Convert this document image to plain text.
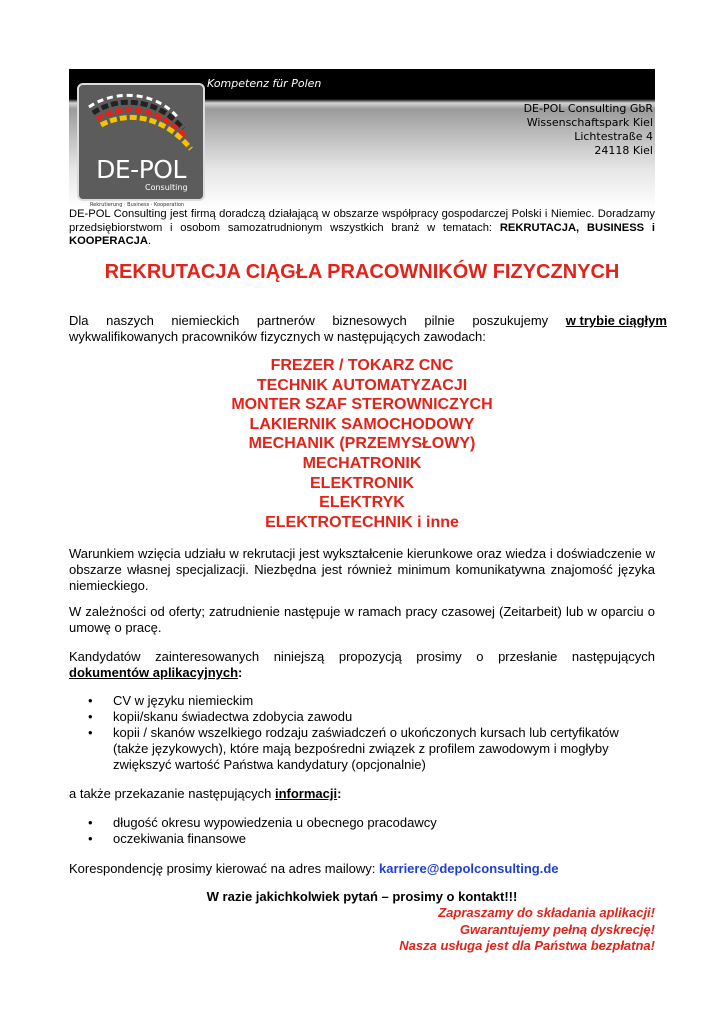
Kompetenz für Polen
DE-POL
Consulting
Rekrutierung · Business · Kooperation
DE-POL Consulting GbR
Wissenschaftspark Kiel
Lichtestraße 4
24118 Kiel
DE-POL Consulting jest firmą doradczą działającą w obszarze współpracy gospodarczej Polski i Niemiec. Doradzamy przedsiębiorstwom i osobom samozatrudnionym wszystkich branż w tematach: REKRUTACJA, BUSINESS i KOOPERACJA.
REKRUTACJA CIĄGŁA PRACOWNIKÓW FIZYCZNYCH
Dla naszych niemieckich partnerów biznesowych pilnie poszukujemy w trybie ciągłym
wykwalifikowanych pracowników fizycznych w następujących zawodach:
FREZER / TOKARZ CNC
TECHNIK AUTOMATYZACJI
MONTER SZAF STEROWNICZYCH
LAKIERNIK SAMOCHODOWY
MECHANIK (PRZEMYSŁOWY)
MECHATRONIK
ELEKTRONIK
ELEKTRYK
ELEKTROTECHNIK i inne
Warunkiem wzięcia udziału w rekrutacji jest wykształcenie kierunkowe oraz wiedza i doświadczenie w obszarze własnej specjalizacji. Niezbędna jest również minimum komunikatywna znajomość języka niemieckiego.
W zależności od oferty; zatrudnienie następuje w ramach pracy czasowej (Zeitarbeit) lub w oparciu o umowę o pracę.
Kandydatów zainteresowanych niniejszą propozycją prosimy o przesłanie następujących dokumentów aplikacyjnych:
• CV w języku niemieckim
• kopii/skanu świadectwa zdobycia zawodu
• kopii / skanów wszelkiego rodzaju zaświadczeń o ukończonych kursach lub certyfikatów (także językowych), które mają bezpośredni związek z profilem zawodowym i mogłyby zwiększyć wartość Państwa kandydatury (opcjonalnie)
a także przekazanie następujących informacji:
• długość okresu wypowiedzenia u obecnego pracodawcy
• oczekiwania finansowe
Korespondencję prosimy kierować na adres mailowy: karriere@depolconsulting.de
W razie jakichkolwiek pytań – prosimy o kontakt!!!
Zapraszamy do składania aplikacji!
Gwarantujemy pełną dyskrecję!
Nasza usługa jest dla Państwa bezpłatna!
